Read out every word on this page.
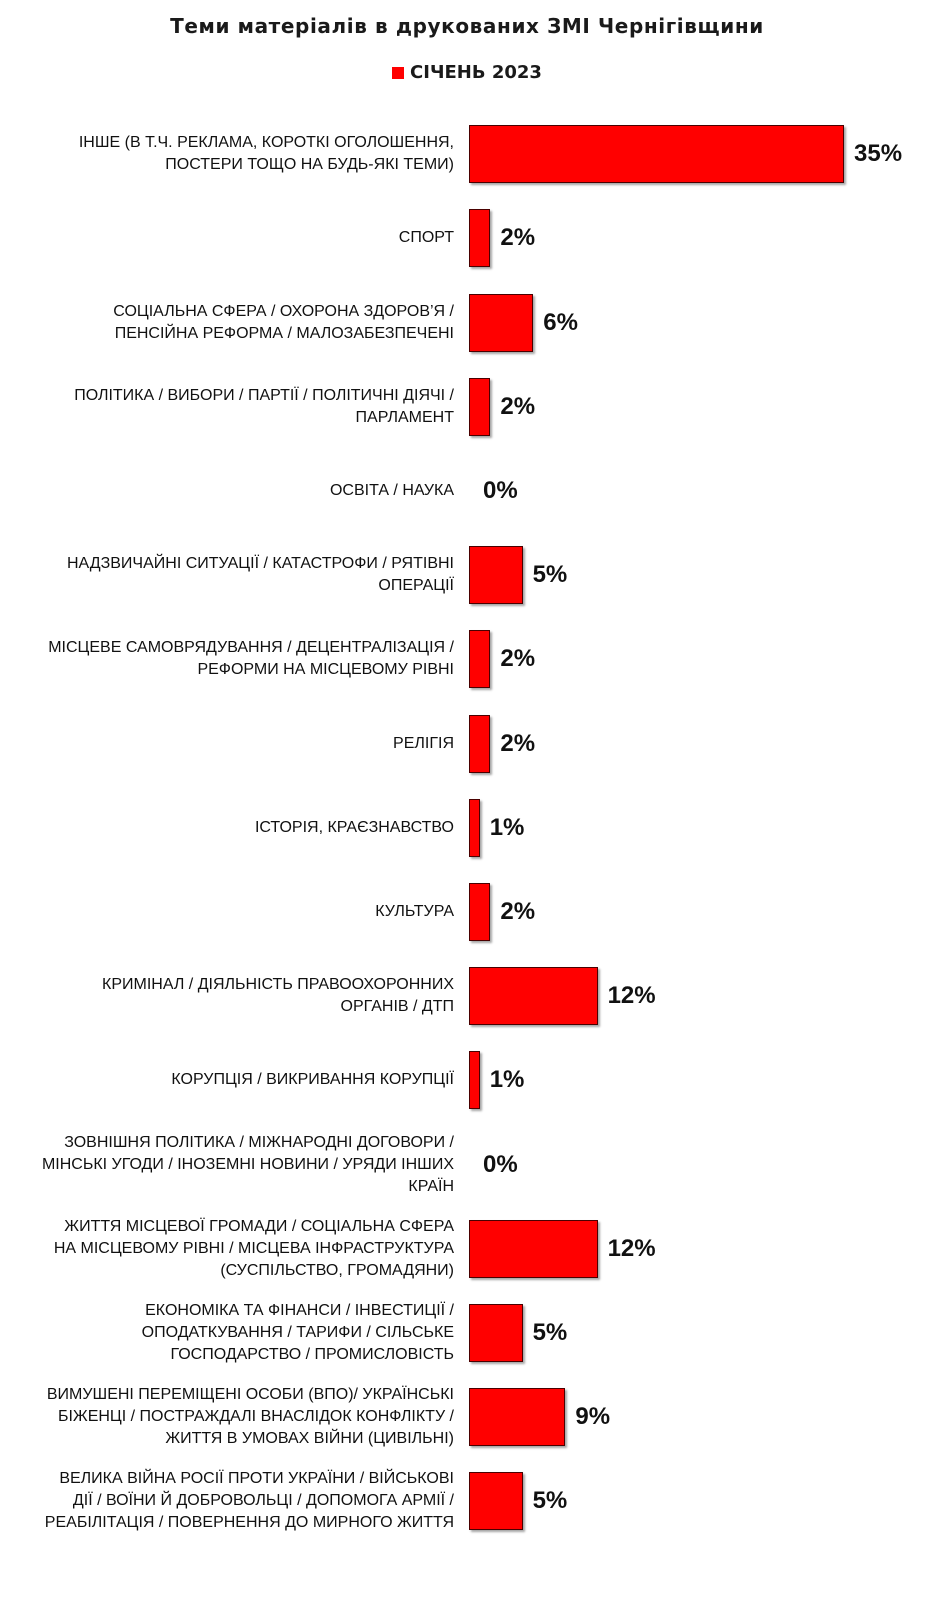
Теми матеріалів в друкованих ЗМІ Чернігівщини
СІЧЕНЬ 2023
ІНШЕ (В Т.Ч. РЕКЛАМА, КОРОТКІ ОГОЛОШЕННЯ,
ПОСТЕРИ ТОЩО НА БУДЬ-ЯКІ ТЕМИ)	35%
СПОРТ 2%
СОЦІАЛЬНА СФЕРА / ОХОРОНА ЗДОРОВ’Я /
ПЕНСІЙНА РЕФОРМА / МАЛОЗАБЕЗПЕЧЕНІ	6%
ПОЛІТИКА / ВИБОРИ / ПАРТІЇ / ПОЛІТИЧНІ ДІЯЧІ /
ПАРЛАМЕНТ 2%
ОСВІТА / НАУКА 0%
НАДЗВИЧАЙНІ СИТУАЦІЇ / КАТАСТРОФИ / РЯТІВНІ
ОПЕРАЦІЇ	5%
МІСЦЕВЕ САМОВРЯДУВАННЯ / ДЕЦЕНТРАЛІЗАЦІЯ /
РЕФОРМИ НА МІСЦЕВОМУ РІВНІ 2%
РЕЛІГІЯ 2%
ІСТОРІЯ, КРАЄЗНАВСТВО 1%
КУЛЬТУРА 2%
КРИМІНАЛ / ДІЯЛЬНІСТЬ ПРАВООХОРОННИХ
ОРГАНІВ / ДТП	12%
КОРУПЦІЯ / ВИКРИВАННЯ КОРУПЦІЇ 1%
ЗОВНІШНЯ ПОЛІТИКА / МІЖНАРОДНІ ДОГОВОРИ /
МІНСЬКІ УГОДИ / ІНОЗЕМНІ НОВИНИ / УРЯДИ ІНШИХ
КРАЇН
0%
ЖИТТЯ МІСЦЕВОЇ ГРОМАДИ / СОЦІАЛЬНА СФЕРА
НА МІСЦЕВОМУ РІВНІ / МІСЦЕВА ІНФРАСТРУКТУРА
(СУСПІЛЬСТВО, ГРОМАДЯНИ)
12%
ЕКОНОМІКА ТА ФІНАНСИ / ІНВЕСТИЦІЇ /
ОПОДАТКУВАННЯ / ТАРИФИ / СІЛЬСЬКЕ
ГОСПОДАРСТВО / ПРОМИСЛОВІСТЬ
5%
ВИМУШЕНІ ПЕРЕМІЩЕНІ ОСОБИ (ВПО)/ УКРАЇНСЬКІ
БІЖЕНЦІ / ПОСТРАЖДАЛІ ВНАСЛІДОК КОНФЛІКТУ /
ЖИТТЯ В УМОВАХ ВІЙНИ (ЦИВІЛЬНІ)
9%
ВЕЛИКА ВІЙНА РОСІЇ ПРОТИ УКРАЇНИ / ВІЙСЬКОВІ
ДІЇ / ВОЇНИ Й ДОБРОВОЛЬЦІ / ДОПОМОГА АРМІЇ /
РЕАБІЛІТАЦІЯ / ПОВЕРНЕННЯ ДО МИРНОГО ЖИТТЯ
5%
